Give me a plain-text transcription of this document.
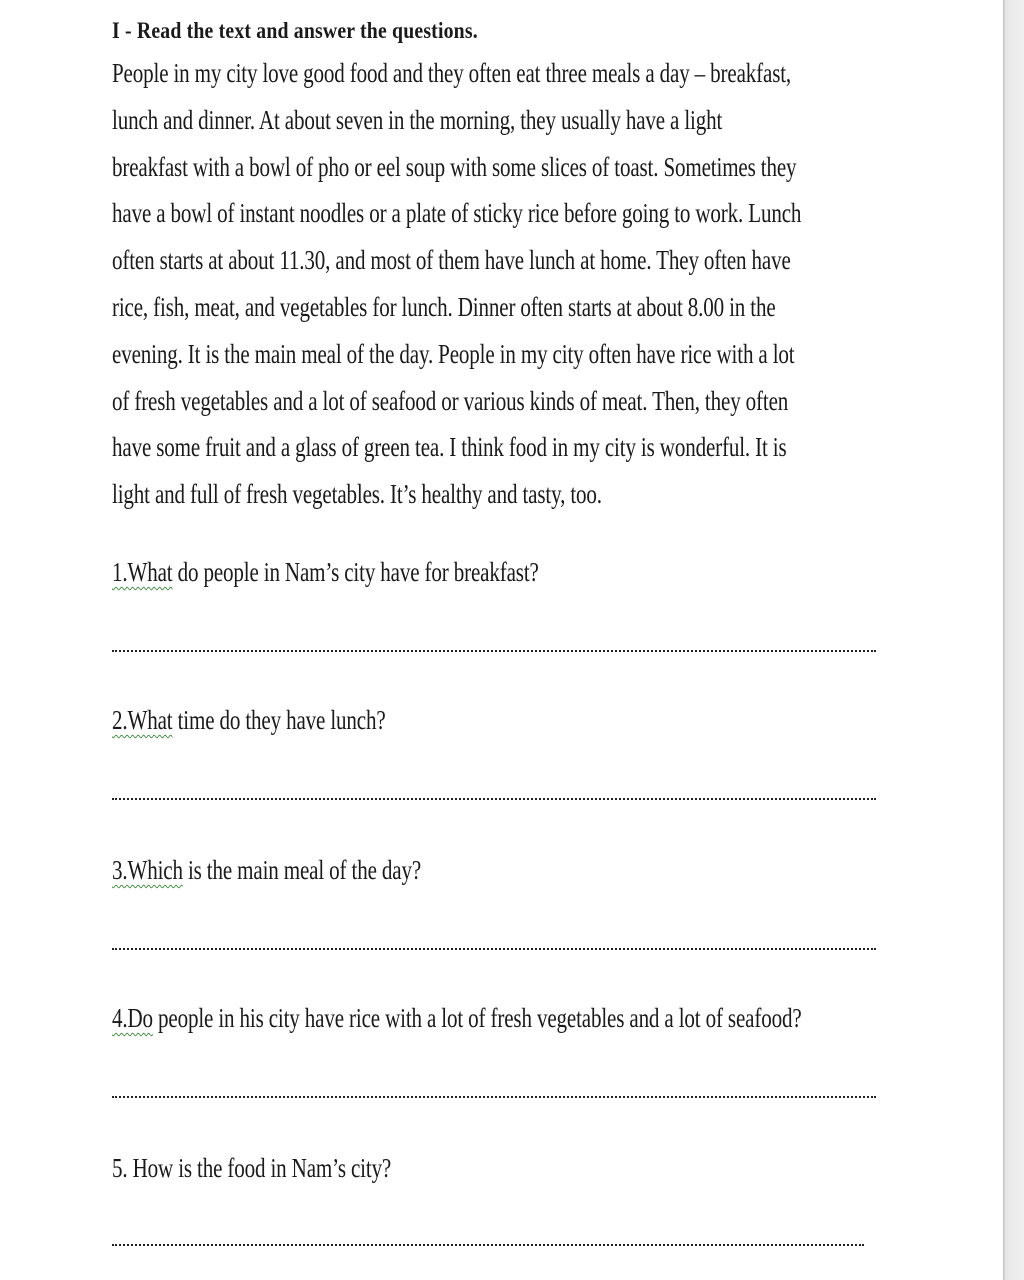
I - Read the text and answer the questions.
People in my city love good food and they often eat three meals a day – breakfast,
lunch and dinner. At about seven in the morning, they usually have a light
breakfast with a bowl of pho or eel soup with some slices of toast. Sometimes they
have a bowl of instant noodles or a plate of sticky rice before going to work. Lunch
often starts at about 11.30, and most of them have lunch at home. They often have
rice, fish, meat, and vegetables for lunch. Dinner often starts at about 8.00 in the
evening. It is the main meal of the day. People in my city often have rice with a lot
of fresh vegetables and a lot of seafood or various kinds of meat. Then, they often
have some fruit and a glass of green tea. I think food in my city is wonderful. It is
light and full of fresh vegetables. It’s healthy and tasty, too.
1.What do people in Nam’s city have for breakfast?
2.What time do they have lunch?
3.Which is the main meal of the day?
4.Do people in his city have rice with a lot of fresh vegetables and a lot of seafood?
5. How is the food in Nam’s city?
